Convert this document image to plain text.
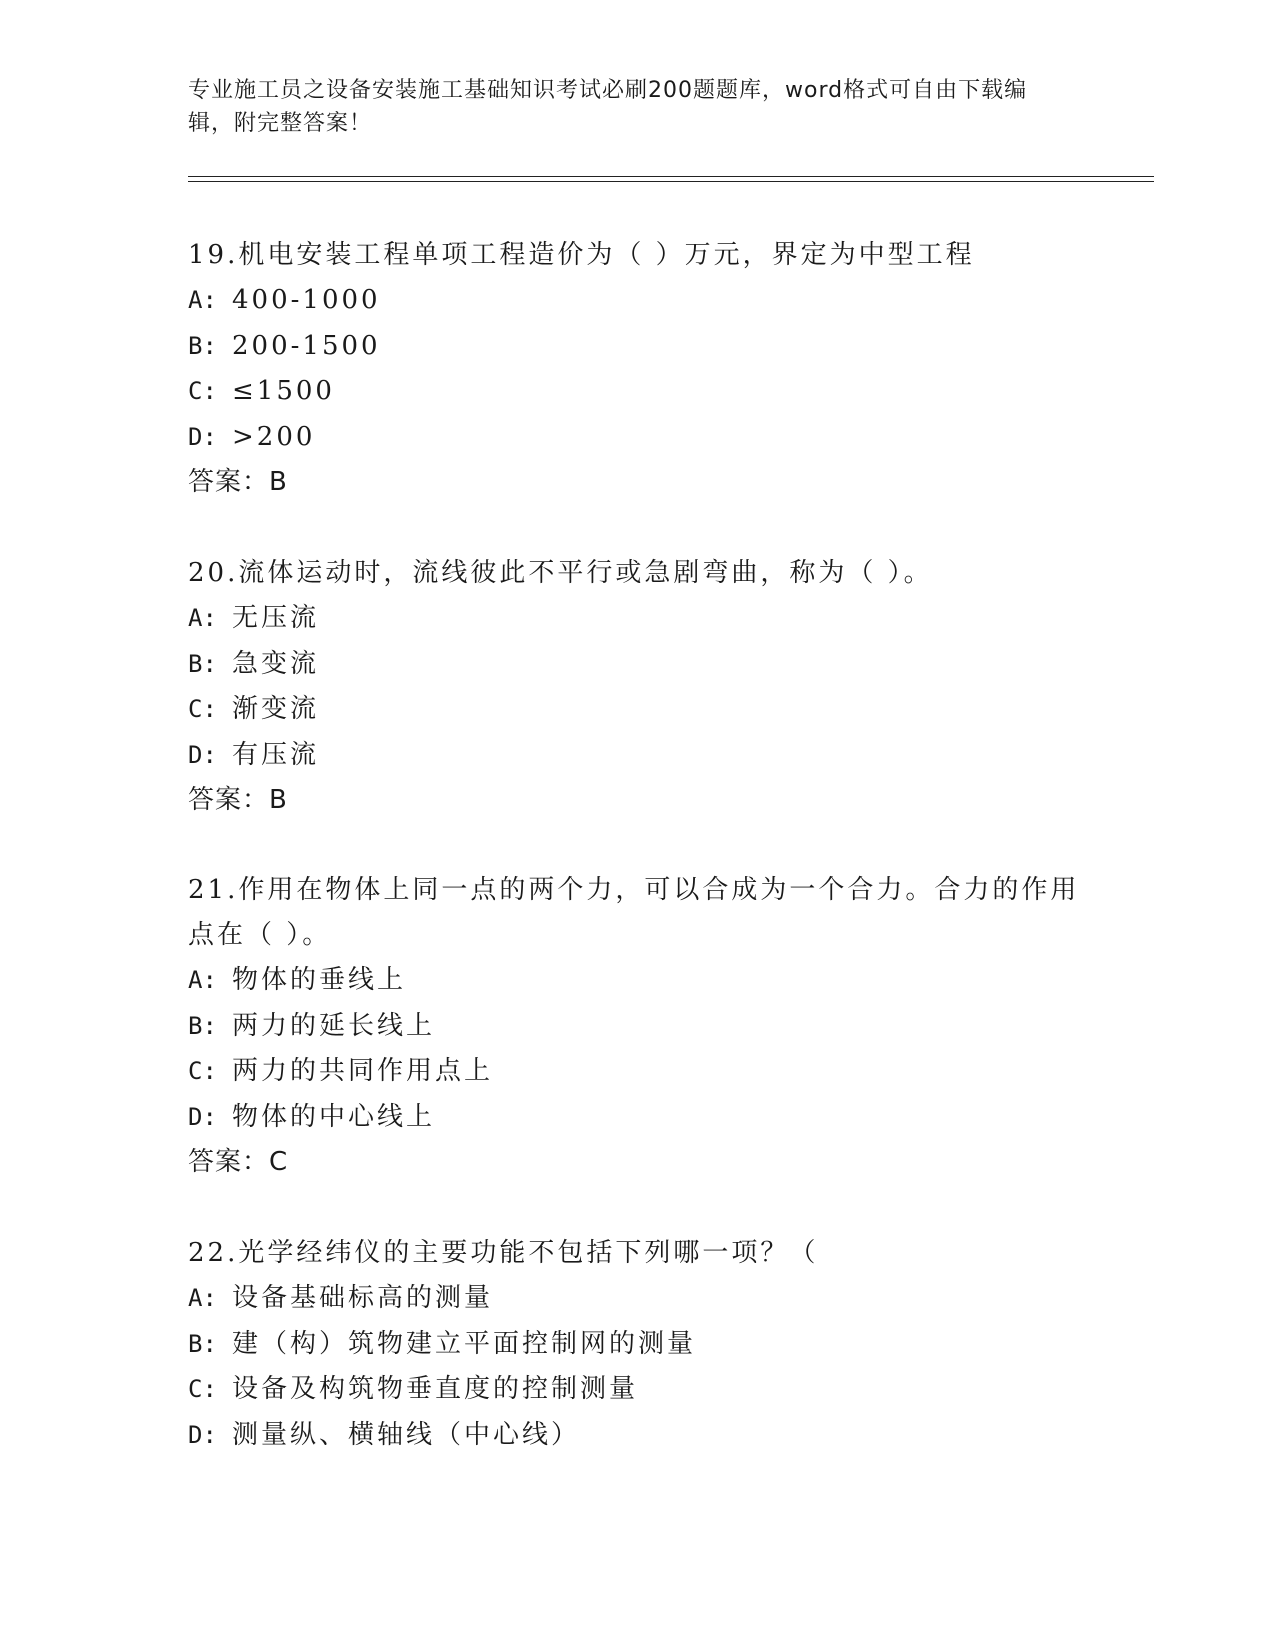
专业施工员之设备安装施工基础知识考试必刷200题题库，word格式可自由下载编辑，附完整答案！
19.机电安装工程单项工程造价为（ ）万元，界定为中型工程
A: 400-1000
B: 200-1500
C: ≤1500
D: >200
答案：B
20.流体运动时，流线彼此不平行或急剧弯曲，称为（ ）。
A: 无压流
B: 急变流
C: 渐变流
D: 有压流
答案：B
21.作用在物体上同一点的两个力，可以合成为一个合力。合力的作用点在（ ）。
A: 物体的垂线上
B: 两力的延长线上
C: 两力的共同作用点上
D: 物体的中心线上
答案：C
22.光学经纬仪的主要功能不包括下列哪一项？（
A: 设备基础标高的测量
B: 建（构）筑物建立平面控制网的测量
C: 设备及构筑物垂直度的控制测量
D: 测量纵、横轴线（中心线）
